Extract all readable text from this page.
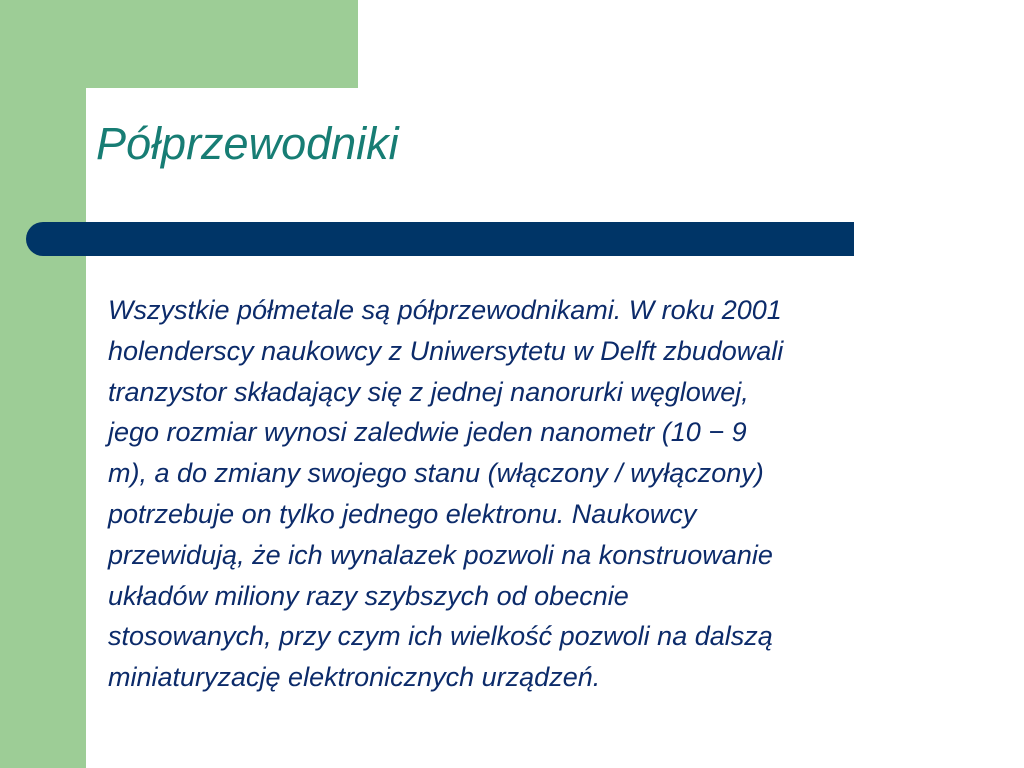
Półprzewodniki

Wszystkie półmetale są półprzewodnikami. W roku 2001
holenderscy naukowcy z Uniwersytetu w Delft zbudowali
tranzystor składający się z jednej nanorurki węglowej,
jego rozmiar wynosi zaledwie jeden nanometr (10 − 9
m), a do zmiany swojego stanu (włączony / wyłączony)
potrzebuje on tylko jednego elektronu. Naukowcy
przewidują, że ich wynalazek pozwoli na konstruowanie
układów miliony razy szybszych od obecnie
stosowanych, przy czym ich wielkość pozwoli na dalszą
miniaturyzację elektronicznych urządzeń.
